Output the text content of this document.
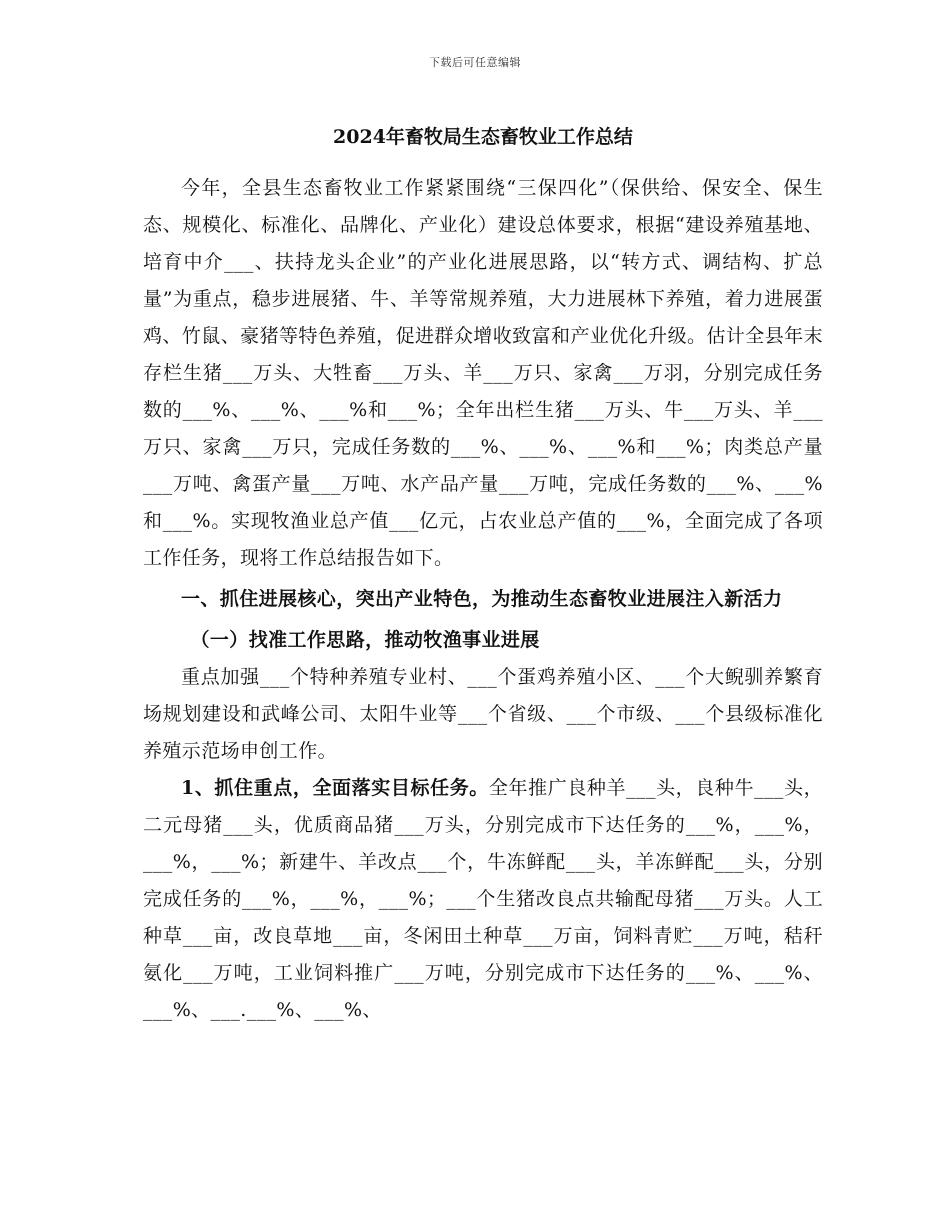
下载后可任意编辑
2024年畜牧局生态畜牧业工作总结

今年，全县生态畜牧业工作紧紧围绕“三保四化”（保供给、保安全、保生态、规模化、标准化、品牌化、产业化）建设总体要求，根据“建设养殖基地、培育中介___、扶持龙头企业”的产业化进展思路，以“转方式、调结构、扩总量”为重点，稳步进展猪、牛、羊等常规养殖，大力进展林下养殖，着力进展蛋鸡、竹鼠、豪猪等特色养殖，促进群众增收致富和产业优化升级。估计全县年末存栏生猪___万头、大牲畜___万头、羊___万只、家禽___万羽，分别完成任务数的___%、___%、___%和___%；全年出栏生猪___万头、牛___万头、羊___万只、家禽___万只，完成任务数的___%、___%、___%和___%；肉类总产量___万吨、禽蛋产量___万吨、水产品产量___万吨，完成任务数的___%、___%和___%。实现牧渔业总产值___亿元，占农业总产值的___%，全面完成了各项工作任务，现将工作总结报告如下。

一、抓住进展核心，突出产业特色，为推动生态畜牧业进展注入新活力
（一）找准工作思路，推动牧渔事业进展

重点加强___个特种养殖专业村、___个蛋鸡养殖小区、___个大鲵驯养繁育场规划建设和武峰公司、太阳牛业等___个省级、___个市级、___个县级标准化养殖示范场申创工作。

1、抓住重点，全面落实目标任务。全年推广良种羊___头，良种牛___头，二元母猪___头，优质商品猪___万头，分别完成市下达任务的___%，___%，___%，___%；新建牛、羊改点___个，牛冻鲜配___头，羊冻鲜配___头，分别完成任务的___%，___%，___%；___个生猪改良点共输配母猪___万头。人工种草___亩，改良草地___亩，冬闲田土种草___万亩，饲料青贮___万吨，秸秆氨化___万吨，工业饲料推广___万吨，分别完成市下达任务的___%、___%、___%、___.___%、___%、
